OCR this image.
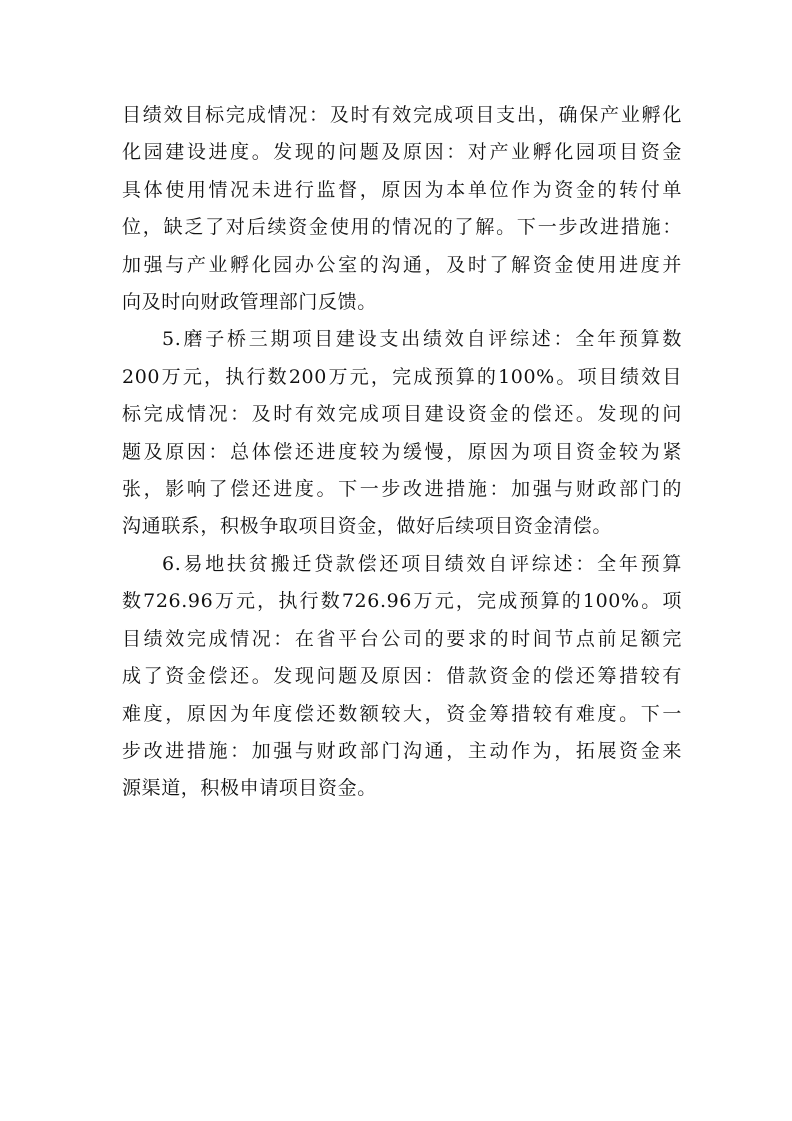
目绩效目标完成情况：及时有效完成项目支出，确保产业孵化
化园建设进度。发现的问题及原因：对产业孵化园项目资金
具体使用情况未进行监督，原因为本单位作为资金的转付单
位，缺乏了对后续资金使用的情况的了解。下一步改进措施：
加强与产业孵化园办公室的沟通，及时了解资金使用进度并
向及时向财政管理部门反馈。
5.磨子桥三期项目建设支出绩效自评综述：全年预算数
200万元，执行数200万元，完成预算的100%。项目绩效目
标完成情况：及时有效完成项目建设资金的偿还。发现的问
题及原因：总体偿还进度较为缓慢，原因为项目资金较为紧
张，影响了偿还进度。下一步改进措施：加强与财政部门的
沟通联系，积极争取项目资金，做好后续项目资金清偿。
6.易地扶贫搬迁贷款偿还项目绩效自评综述：全年预算
数726.96万元，执行数726.96万元，完成预算的100%。项
目绩效完成情况：在省平台公司的要求的时间节点前足额完
成了资金偿还。发现问题及原因：借款资金的偿还筹措较有
难度，原因为年度偿还数额较大，资金筹措较有难度。下一
步改进措施：加强与财政部门沟通，主动作为，拓展资金来
源渠道，积极申请项目资金。
